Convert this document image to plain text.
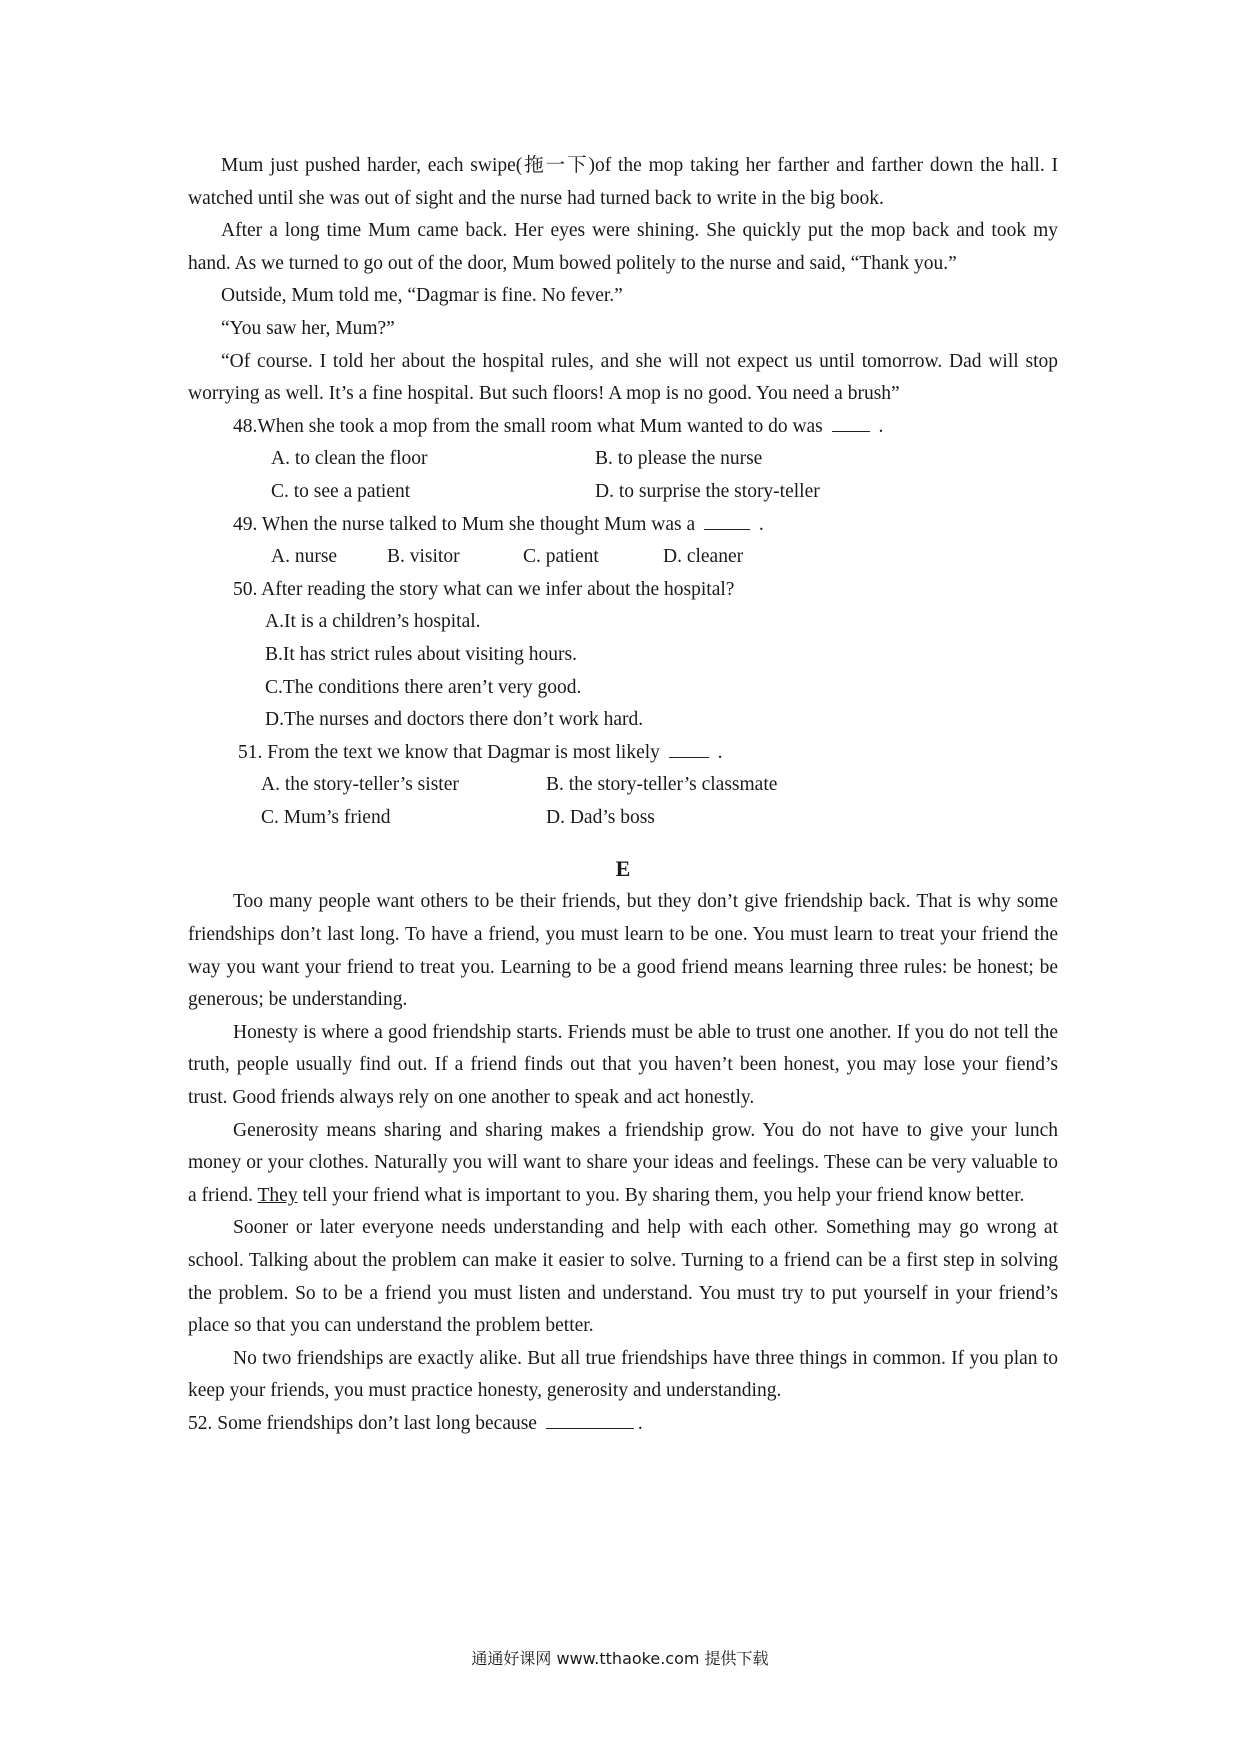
Mum just pushed harder, each swipe(拖一下)of the mop taking her farther and farther down the hall. I watched until she was out of sight and the nurse had turned back to write in the big book.

After a long time Mum came back. Her eyes were shining. She quickly put the mop back and took my hand. As we turned to go out of the door, Mum bowed politely to the nurse and said, “Thank you.”

Outside, Mum told me, “Dagmar is fine. No fever.”

“You saw her, Mum?”

“Of course. I told her about the hospital rules, and she will not expect us until tomorrow. Dad will stop worrying as well. It’s a fine hospital. But such floors! A mop is no good. You need a brush”

48.When she took a mop from the small room what Mum wanted to do was	.
A. to clean the floor	B. to please the nurse
C. to see a patient	D. to surprise the story-teller
49. When the nurse talked to Mum she thought Mum was a	.
A. nurse	B. visitor	C. patient	D. cleaner
50. After reading the story what can we infer about the hospital?
A.It is a children’s hospital.
B.It has strict rules about visiting hours.
C.The conditions there aren’t very good.
D.The nurses and doctors there don’t work hard.
51. From the text we know that Dagmar is most likely	.
A. the story-teller’s sister	B. the story-teller’s classmate
C. Mum’s friend	D. Dad’s boss
E

Too many people want others to be their friends, but they don’t give friendship back. That is why some friendships don’t last long. To have a friend, you must learn to be one. You must learn to treat your friend the way you want your friend to treat you. Learning to be a good friend means learning three rules: be honest; be generous; be understanding.

Honesty is where a good friendship starts. Friends must be able to trust one another. If you do not tell the truth, people usually find out. If a friend finds out that you haven’t been honest, you may lose your fiend’s trust. Good friends always rely on one another to speak and act honestly.

Generosity means sharing and sharing makes a friendship grow. You do not have to give your lunch money or your clothes. Naturally you will want to share your ideas and feelings. These can be very valuable to a friend. They tell your friend what is important to you. By sharing them, you help your friend know better.

Sooner or later everyone needs understanding and help with each other. Something may go wrong at school. Talking about the problem can make it easier to solve. Turning to a friend can be a first step in solving the problem. So to be a friend you must listen and understand. You must try to put yourself in your friend’s place so that you can understand the problem better.

No two friendships are exactly alike. But all true friendships have three things in common. If you plan to keep your friends, you must practice honesty, generosity and understanding.

52. Some friendships don’t last long because	.
通通好课网 www.tthaoke.com 提供下载
